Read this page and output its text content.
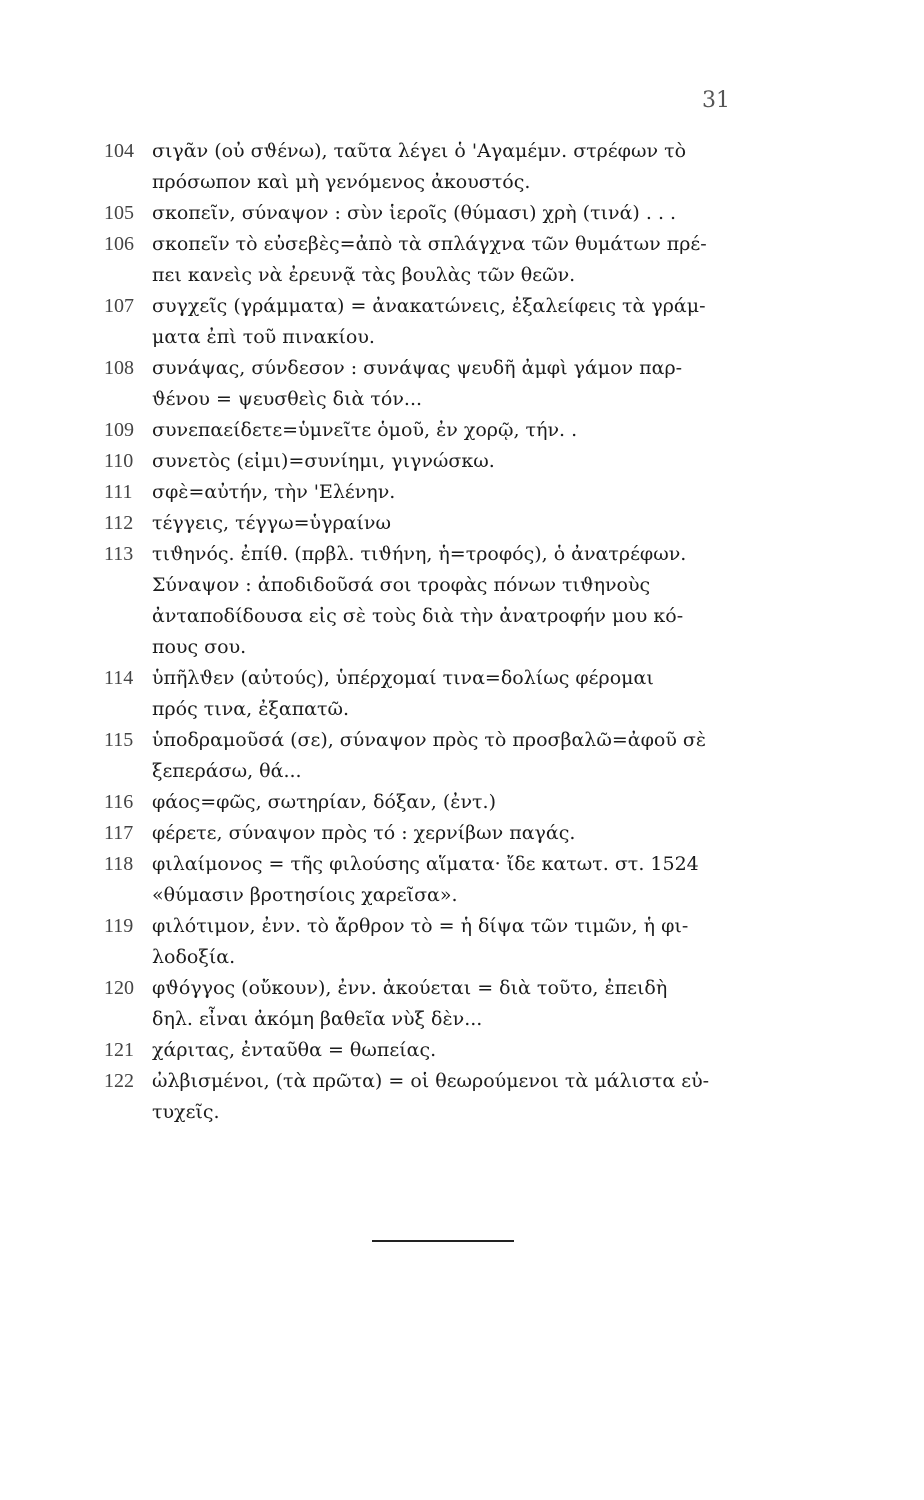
31
104 σιγᾶν (οὐ σϑένω), ταῦτα λέγει ὁ 'Αγαμέμν. στρέφων τὸ
πρόσωπον καὶ μὴ γενόμενος ἀκουστός.
105 σκοπεῖν, σύναψον : σὺν ἱεροῖς (θύμασι) χρὴ (τινά) . . .
106 σκοπεῖν τὸ εὐσεβὲς=ἀπὸ τὰ σπλάγχνα τῶν θυμάτων πρέ-
πει κανεὶς νὰ ἐρευνᾷ τὰς βουλὰς τῶν θεῶν.
107 συγχεῖς (γράμματα) = ἀνακατώνεις, ἐξαλείφεις τὰ γράμ-
ματα ἐπὶ τοῦ πινακίου.
108 συνάψας, σύνδεσον : συνάψας ψευδῆ ἀμφὶ γάμον παρ-
ϑένου = ψευσθεὶς διὰ τόν...
109 συνεπαείδετε=ὑμνεῖτε ὁμοῦ, ἐν χορῷ, τήν. .
110 συνετὸς (εἰμι)=συνίημι, γιγνώσκω.
111	σφὲ=αὐτήν, τὴν 'Ελένην.
112 τέγγεις, τέγγω=ὑγραίνω
113 τιϑηνός. ἐπίθ. (πρβλ. τιϑήνη, ἡ=τροφός), ὁ ἀνατρέφων.
Σύναψον : ἀποδιδοῦσά σοι τροφὰς πόνων τιϑηνοὺς
ἀνταποδίδουσα εἰς σὲ τοὺς διὰ τὴν ἀνατροφήν μου κό-
πους σου.
114 ὑπῆλϑεν (αὐτούς), ὑπέρχομαί τινα=δολίως φέρομαι
πρός τινα, ἐξαπατῶ.
115 ὑποδραμοῦσά (σε), σύναψον πρὸς τὸ προσβαλῶ=ἀφοῦ σὲ
ξεπεράσω, θά...
116 φάος=φῶς, σωτηρίαν, δόξαν, (ἐντ.)
117 φέρετε, σύναψον πρὸς τό : χερνίβων παγάς.
118 φιλαίμονος = τῆς φιλούσης αἵματα· ἴδε κατωτ. στ. 1524
«θύμασιν βροτησίοις χαρεῖσα».
119 φιλότιμον, ἐνν. τὸ ἄρθρον τὸ = ἡ δίψα τῶν τιμῶν, ἡ φι-
λοδοξία.
120 φϑόγγος (οὔκουν), ἐνν. ἀκούεται = διὰ τοῦτο, ἐπειδὴ
δηλ. εἶναι ἀκόμη βαθεῖα νὺξ δὲν...
121 χάριτας, ἐνταῦθα = θωπείας.
122 ὠλβισμένοι, (τὰ πρῶτα) = οἱ θεωρούμενοι τὰ μάλιστα εὐ-
τυχεῖς.
